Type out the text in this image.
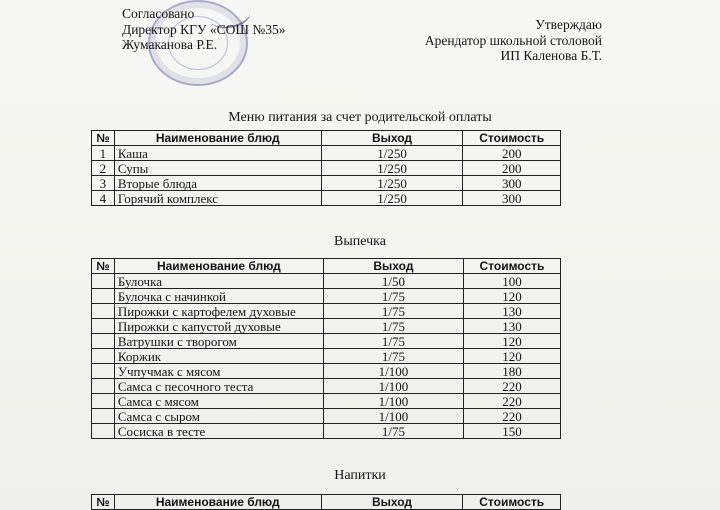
Согласовано
Директор КГУ «СОШ №35»
Жумаканова Р.Е.
Утверждаю
Арендатор школьной столовой
ИП Каленова Б.Т.
Меню питания за счет родительской оплаты
№	Наименование блюд	Выход	Стоимость
1	Каша	1/250	200
2	Супы	1/250	200
3	Вторые блюда	1/250	300
4	Горячий комплекс	1/250	300
Выпечка
№	Наименование блюд	Выход	Стоимость
	Булочка	1/50	100
	Булочка с начинкой	1/75	120
	Пирожки с картофелем духовые	1/75	130
	Пирожки с капустой духовые	1/75	130
	Ватрушки с творогом	1/75	120
	Коржик	1/75	120
	Учпучмак с мясом	1/100	180
	Самса с песочного теста	1/100	220
	Самса с мясом	1/100	220
	Самса с сыром	1/100	220
	Сосиска в тесте	1/75	150
Напитки
№	Наименование блюд	Выход	Стоимость
